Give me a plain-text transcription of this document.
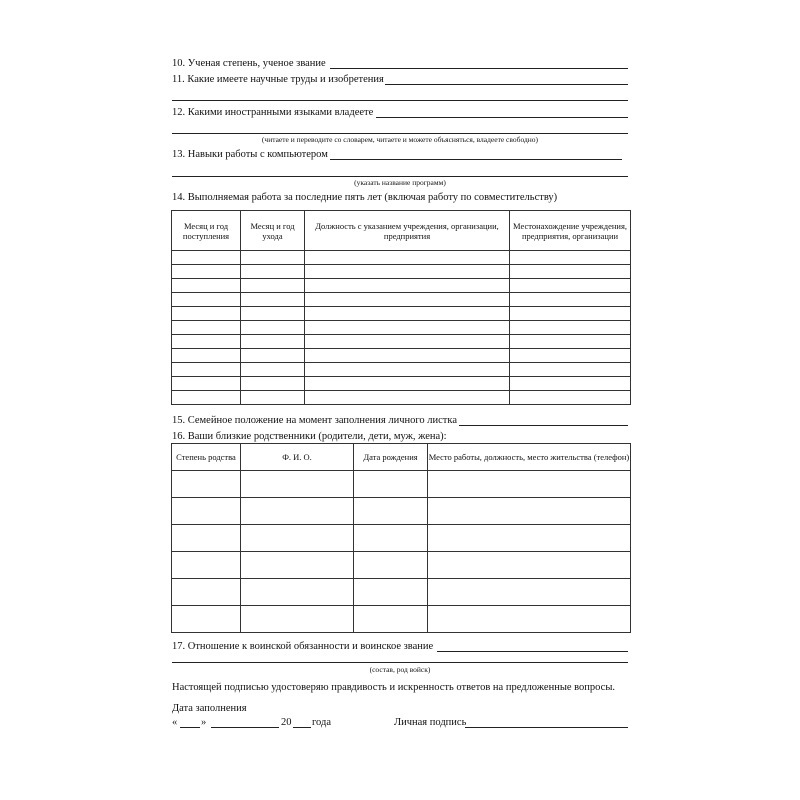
10. Ученая степень, ученое звание
11. Какие имеете научные труды и изобретения
12. Какими иностранными языками владеете
(читаете и переводите со словарем, читаете и можете объясняться, владеете свободно)
13. Навыки работы с компьютером
(указать название программ)
14. Выполняемая работа за последние пять лет (включая работу по совместительству)
Месяц и год поступления	Месяц и год ухода	Должность с указанием учреждения, организации, предприятия	Местонахождение учреждения, предприятия, организации

15. Семейное положение на момент заполнения личного листка
16. Ваши близкие родственники (родители, дети, муж, жена):
Степень родства	Ф. И. О.	Дата рождения	Место работы, должность, место жительства (телефон)

17. Отношение к воинской обязанности и воинское звание
(состав, род войск)
Настоящей подписью удостоверяю правдивость и искренность ответов на предложенные вопросы.
Дата заполнения
« »	20 года	Личная подпись
